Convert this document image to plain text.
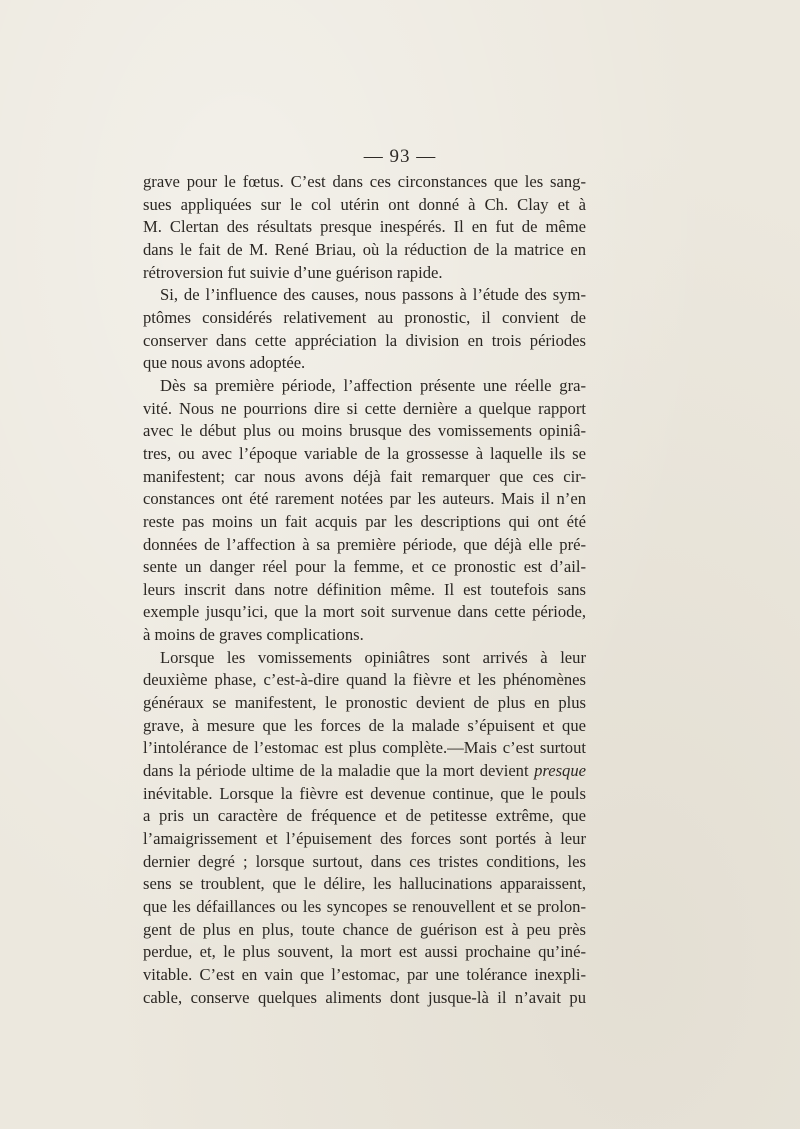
— 93 —
grave pour le fœtus. C’est dans ces circonstances que les sang-
sues appliquées sur le col utérin ont donné à Ch. Clay et à
M. Clertan des résultats presque inespérés. Il en fut de même
dans le fait de M. René Briau, où la réduction de la matrice en
rétroversion fut suivie d’une guérison rapide.
Si, de l’influence des causes, nous passons à l’étude des sym-
ptômes considérés relativement au pronostic, il convient de
conserver dans cette appréciation la division en trois périodes
que nous avons adoptée.
Dès sa première période, l’affection présente une réelle gra-
vité. Nous ne pourrions dire si cette dernière a quelque rapport
avec le début plus ou moins brusque des vomissements opiniâ-
tres, ou avec l’époque variable de la grossesse à laquelle ils se
manifestent; car nous avons déjà fait remarquer que ces cir-
constances ont été rarement notées par les auteurs. Mais il n’en
reste pas moins un fait acquis par les descriptions qui ont été
données de l’affection à sa première période, que déjà elle pré-
sente un danger réel pour la femme, et ce pronostic est d’ail-
leurs inscrit dans notre définition même. Il est toutefois sans
exemple jusqu’ici, que la mort soit survenue dans cette période,
à moins de graves complications.
Lorsque les vomissements opiniâtres sont arrivés à leur
deuxième phase, c’est-à-dire quand la fièvre et les phénomènes
généraux se manifestent, le pronostic devient de plus en plus
grave, à mesure que les forces de la malade s’épuisent et que
l’intolérance de l’estomac est plus complète.—Mais c’est surtout
dans la période ultime de la maladie que la mort devient presque
inévitable. Lorsque la fièvre est devenue continue, que le pouls
a pris un caractère de fréquence et de petitesse extrême, que
l’amaigrissement et l’épuisement des forces sont portés à leur
dernier degré ; lorsque surtout, dans ces tristes conditions, les
sens se troublent, que le délire, les hallucinations apparaissent,
que les défaillances ou les syncopes se renouvellent et se prolon-
gent de plus en plus, toute chance de guérison est à peu près
perdue, et, le plus souvent, la mort est aussi prochaine qu’iné-
vitable. C’est en vain que l’estomac, par une tolérance inexpli-
cable, conserve quelques aliments dont jusque-là il n’avait pu
